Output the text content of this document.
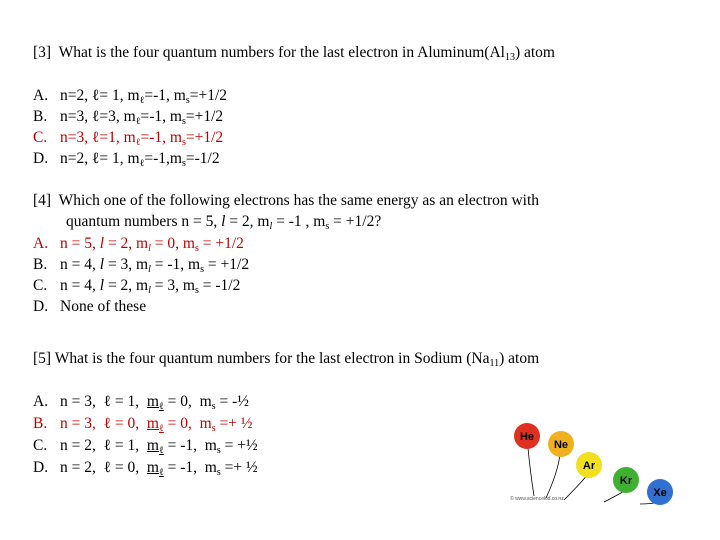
[3] What is the four quantum numbers for the last electron in $Aluminum(Al_{13})$ atom
A. n=2, ℓ= 1, $m_\ell=-1$, $m_s=+1/2$
B. n=3, ℓ=3, $m_\ell=-1$, $m_s=+1/2$
C. n=3, ℓ=1, $m_\ell=-1$, $m_s=+1/2$
D. n=2, ℓ= 1, $m_\ell=-1,m_s=-1/2$
[4] Which one of the following electrons has the same energy as an electron with
quantum numbers n = 5, l = 2, $m_l = -1$ , $m_s = +1/2$?
A. n = 5, l = 2, $m_l = 0$, $m_s = +1/2$
B. n = 4, l = 3, $m_l = -1$, $m_s = +1/2$
C. n = 4, l = 2, $m_l = 3$, $m_s = -1/2$
D. None of these
[5] What is the four quantum numbers for the last electron in Sodium $(Na_{11})$ atom
A. n = 3,  ℓ = 1,  $m_\ell = 0$,  $m_s$ = -½
B. n = 3,  ℓ = 0,  $m_\ell = 0$,  $m_s$ =+ ½
C. n = 2,  ℓ = 1,  $m_\ell = -1$,  $m_s$ = +½
D. n = 2,  ℓ = 0,  $m_\ell = -1$,  $m_s$ =+ ½
He
Ne
Ar
Kr
Xe
© www.sciencekid.co.nz
